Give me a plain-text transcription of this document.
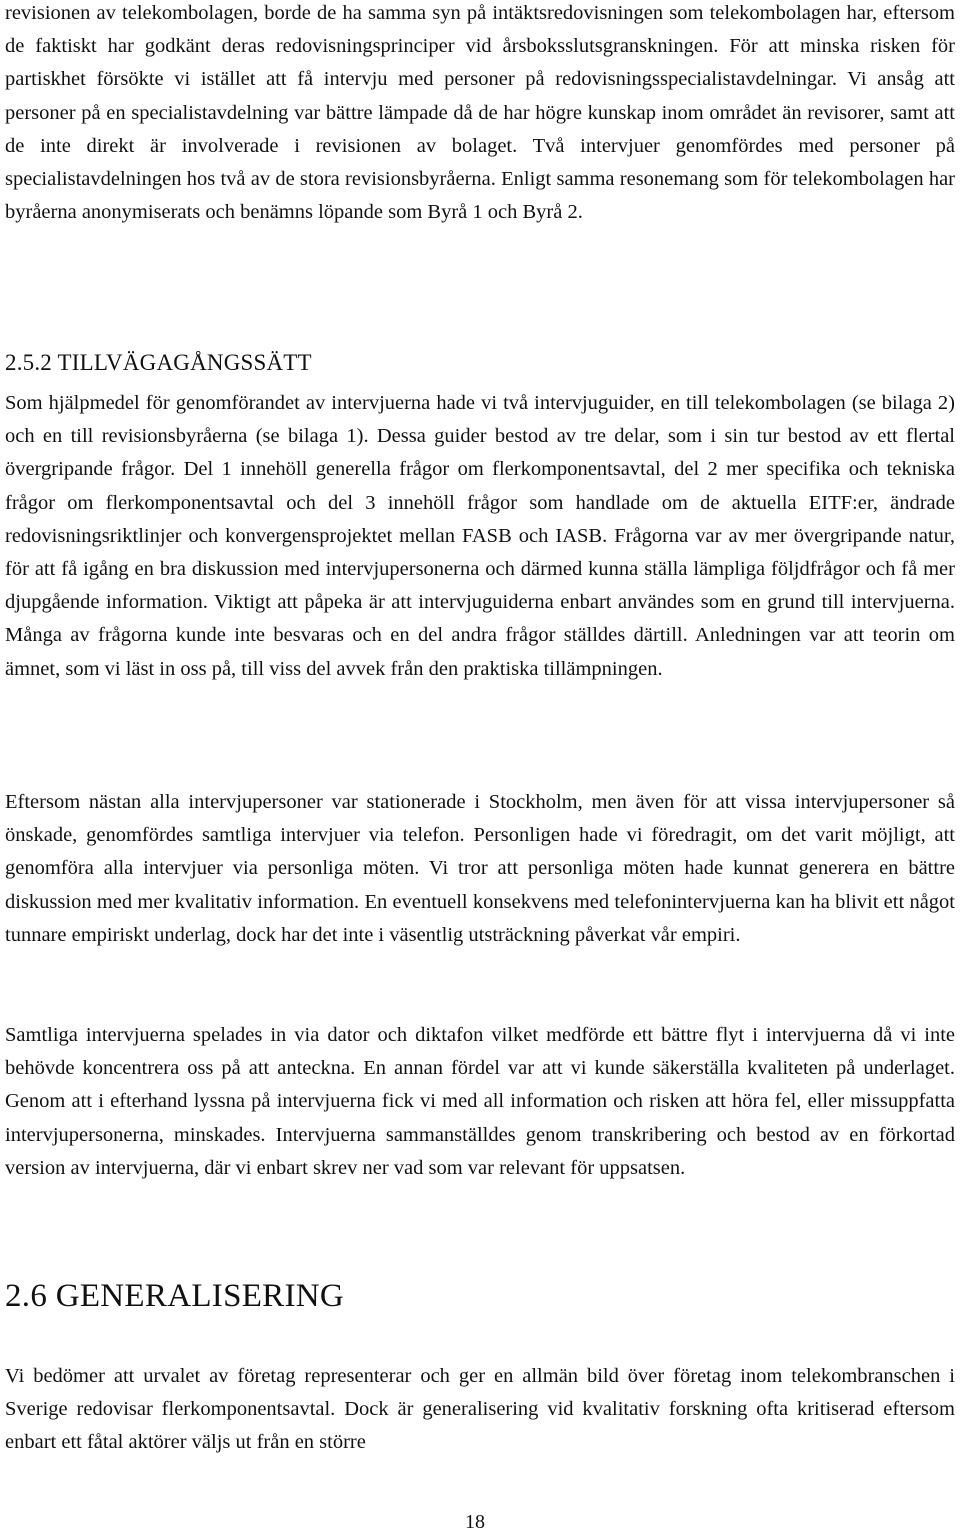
revisionen av telekombolagen, borde de ha samma syn på intäktsredovisningen som telekombolagen har, eftersom de faktiskt har godkänt deras redovisningsprinciper vid årsboksslutsgranskningen. För att minska risken för partiskhet försökte vi istället att få intervju med personer på redovisningsspecialistavdelningar. Vi ansåg att personer på en specialistavdelning var bättre lämpade då de har högre kunskap inom området än revisorer, samt att de inte direkt är involverade i revisionen av bolaget. Två intervjuer genomfördes med personer på specialistavdelningen hos två av de stora revisionsbyråerna. Enligt samma resonemang som för telekombolagen har byråerna anonymiserats och benämns löpande som Byrå 1 och Byrå 2.

2.5.2 TILLVÄGAGÅNGSSÄTT

Som hjälpmedel för genomförandet av intervjuerna hade vi två intervjuguider, en till telekombolagen (se bilaga 2) och en till revisionsbyråerna (se bilaga 1). Dessa guider bestod av tre delar, som i sin tur bestod av ett flertal övergripande frågor. Del 1 innehöll generella frågor om flerkomponentsavtal, del 2 mer specifika och tekniska frågor om flerkomponentsavtal och del 3 innehöll frågor som handlade om de aktuella EITF:er, ändrade redovisningsriktlinjer och konvergensprojektet mellan FASB och IASB. Frågorna var av mer övergripande natur, för att få igång en bra diskussion med intervjupersonerna och därmed kunna ställa lämpliga följdfrågor och få mer djupgående information. Viktigt att påpeka är att intervjuguiderna enbart användes som en grund till intervjuerna. Många av frågorna kunde inte besvaras och en del andra frågor ställdes därtill. Anledningen var att teorin om ämnet, som vi läst in oss på, till viss del avvek från den praktiska tillämpningen.

Eftersom nästan alla intervjupersoner var stationerade i Stockholm, men även för att vissa intervjupersoner så önskade, genomfördes samtliga intervjuer via telefon. Personligen hade vi föredragit, om det varit möjligt, att genomföra alla intervjuer via personliga möten. Vi tror att personliga möten hade kunnat generera en bättre diskussion med mer kvalitativ information. En eventuell konsekvens med telefonintervjuerna kan ha blivit ett något tunnare empiriskt underlag, dock har det inte i väsentlig utsträckning påverkat vår empiri.

Samtliga intervjuerna spelades in via dator och diktafon vilket medförde ett bättre flyt i intervjuerna då vi inte behövde koncentrera oss på att anteckna. En annan fördel var att vi kunde säkerställa kvaliteten på underlaget. Genom att i efterhand lyssna på intervjuerna fick vi med all information och risken att höra fel, eller missuppfatta intervjupersonerna, minskades. Intervjuerna sammanställdes genom transkribering och bestod av en förkortad version av intervjuerna, där vi enbart skrev ner vad som var relevant för uppsatsen.

2.6 GENERALISERING

Vi bedömer att urvalet av företag representerar och ger en allmän bild över företag inom telekombranschen i Sverige redovisar flerkomponentsavtal. Dock är generalisering vid kvalitativ forskning ofta kritiserad eftersom enbart ett fåtal aktörer väljs ut från en större

18
